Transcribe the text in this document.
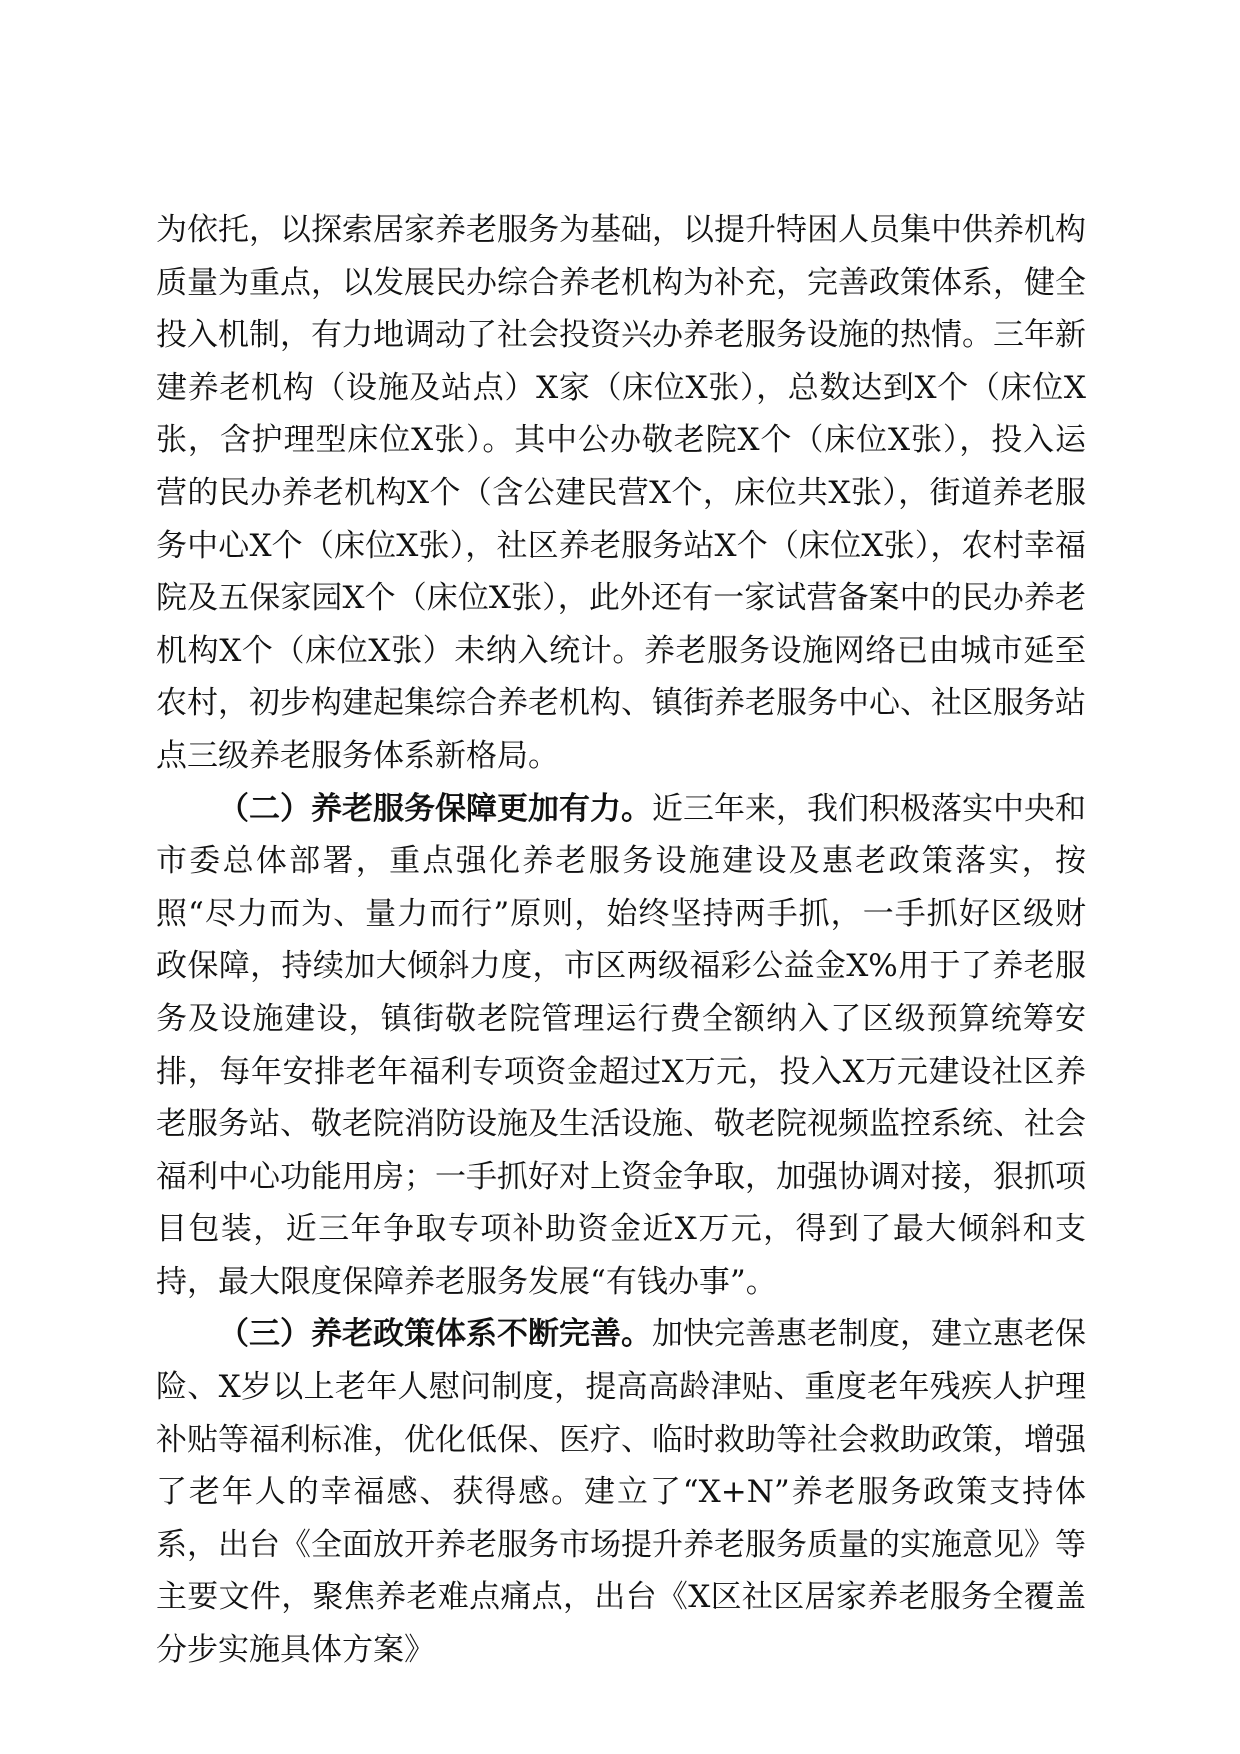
为依托，以探索居家养老服务为基础，以提升特困人员集中供养机构质量为重点，以发展民办综合养老机构为补充，完善政策体系，健全投入机制，有力地调动了社会投资兴办养老服务设施的热情。三年新建养老机构（设施及站点）X家（床位X张），总数达到X个（床位X张，含护理型床位X张）。其中公办敬老院X个（床位X张），投入运营的民办养老机构X个（含公建民营X个，床位共X张），街道养老服务中心X个（床位X张），社区养老服务站X个（床位X张），农村幸福院及五保家园X个（床位X张），此外还有一家试营备案中的民办养老机构X个（床位X张）未纳入统计。养老服务设施网络已由城市延至农村，初步构建起集综合养老机构、镇街养老服务中心、社区服务站点三级养老服务体系新格局。

（二）养老服务保障更加有力。近三年来，我们积极落实中央和市委总体部署，重点强化养老服务设施建设及惠老政策落实，按照“尽力而为、量力而行”原则，始终坚持两手抓，一手抓好区级财政保障，持续加大倾斜力度，市区两级福彩公益金X%用于了养老服务及设施建设，镇街敬老院管理运行费全额纳入了区级预算统筹安排，每年安排老年福利专项资金超过X万元，投入X万元建设社区养老服务站、敬老院消防设施及生活设施、敬老院视频监控系统、社会福利中心功能用房；一手抓好对上资金争取，加强协调对接，狠抓项目包装，近三年争取专项补助资金近X万元，得到了最大倾斜和支持，最大限度保障养老服务发展“有钱办事”。

（三）养老政策体系不断完善。加快完善惠老制度，建立惠老保险、X岁以上老年人慰问制度，提高高龄津贴、重度老年残疾人护理补贴等福利标准，优化低保、医疗、临时救助等社会救助政策，增强了老年人的幸福感、获得感。建立了“X+N”养老服务政策支持体系，出台《全面放开养老服务市场提升养老服务质量的实施意见》等主要文件，聚焦养老难点痛点，出台《X区社区居家养老服务全覆盖分步实施具体方案》
